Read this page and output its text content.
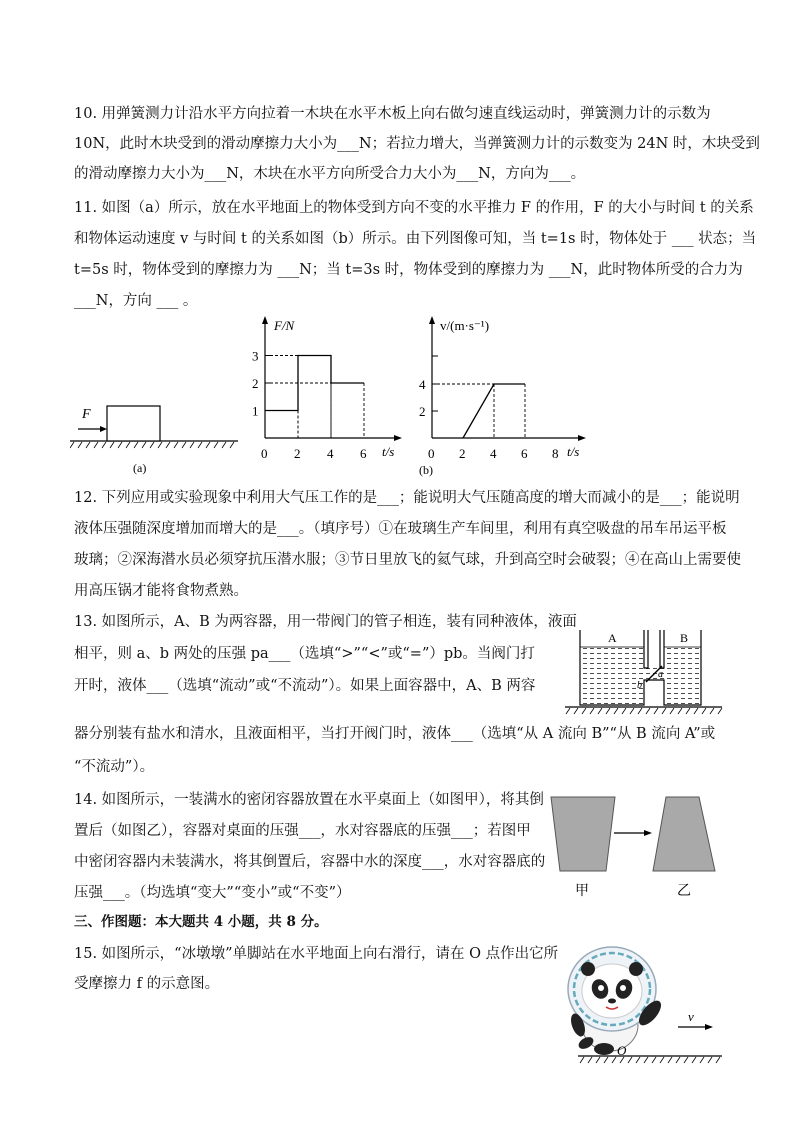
10. 用弹簧测力计沿水平方向拉着一木块在水平木板上向右做匀速直线运动时，弹簧测力计的示数为
10N，此时木块受到的滑动摩擦力大小为___N；若拉力增大，当弹簧测力计的示数变为 24N 时，木块受到
的滑动摩擦力大小为___N，木块在水平方向所受合力大小为___N，方向为___。
11. 如图（a）所示，放在水平地面上的物体受到方向不变的水平推力 F 的作用，F 的大小与时间 t 的关系
和物体运动速度 v 与时间 t 的关系如图（b）所示。由下列图像可知，当 t=1s 时，物体处于 ___ 状态；当
t=5s 时，物体受到的摩擦力为 ___N；当 t=3s 时，物体受到的摩擦力为 ___N，此时物体所受的合力为
___N，方向 ___ 。
F
(a)
F/N
t/s
0 2 4 6
1
2
3
v/(m·s⁻¹)
t/s
(b)
0 2 4 6 8
2
4
12. 下列应用或实验现象中利用大气压工作的是___；能说明大气压随高度的增大而减小的是___；能说明
液体压强随深度增加而增大的是___。（填序号）①在玻璃生产车间里，利用有真空吸盘的吊车吊运平板
玻璃；②深海潜水员必须穿抗压潜水服；③节日里放飞的氦气球，升到高空时会破裂；④在高山上需要使
用高压锅才能将食物煮熟。
13. 如图所示，A、B 为两容器，用一带阀门的管子相连，装有同种液体，液面
相平，则 a、b 两处的压强 pa___（选填“>”“<”或“=”）pb。当阀门打
开时，液体___（选填“流动”或“不流动”）。如果上面容器中，A、B 两容
器分别装有盐水和清水，且液面相平，当打开阀门时，液体___（选填“从 A 流向 B”“从 B 流向 A”或
“不流动”）。
A	B
a
b
14. 如图所示，一装满水的密闭容器放置在水平桌面上（如图甲），将其倒
置后（如图乙），容器对桌面的压强___，水对容器底的压强___；若图甲
中密闭容器内未装满水，将其倒置后，容器中水的深度___，水对容器底的
压强___。（均选填“变大”“变小”或“不变”）	甲	乙
三、作图题：本大题共 4 小题，共 8 分。
15. 如图所示，“冰墩墩”单脚站在水平地面上向右滑行，请在 O 点作出它所
受摩擦力 f 的示意图。
v
O
